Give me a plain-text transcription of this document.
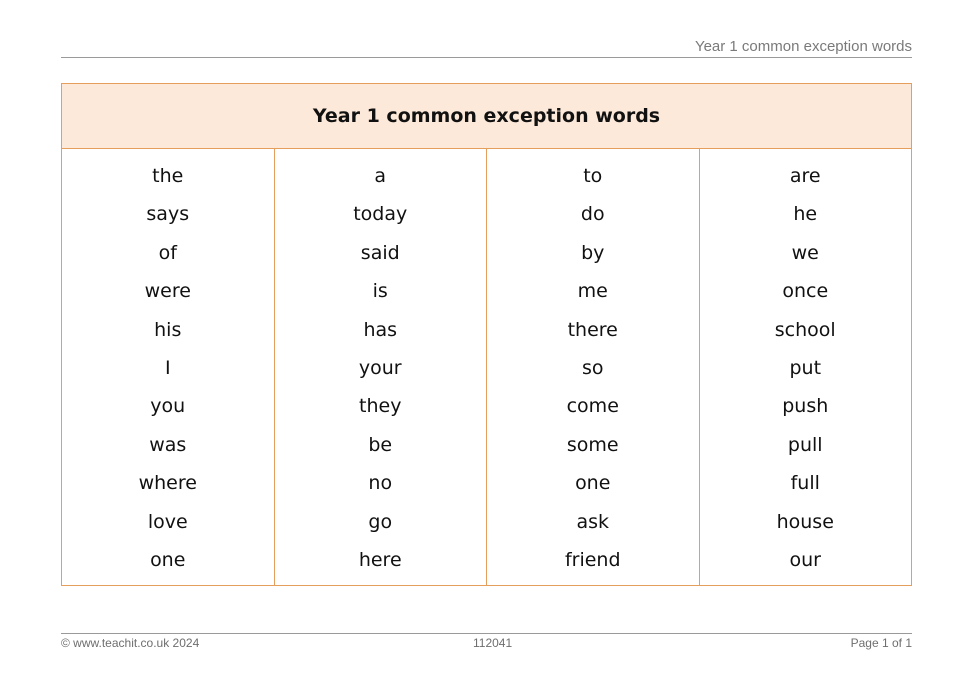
Year 1 common exception words
Year 1 common exception words
the
says
of
were
his
I
you
was
where
love
one
a
today
said
is
has
your
they
be
no
go
here
to
do
by
me
there
so
come
some
one
ask
friend
are
he
we
once
school
put
push
pull
full
house
our
© www.teachit.co.uk 2024	112041	Page 1 of 1
